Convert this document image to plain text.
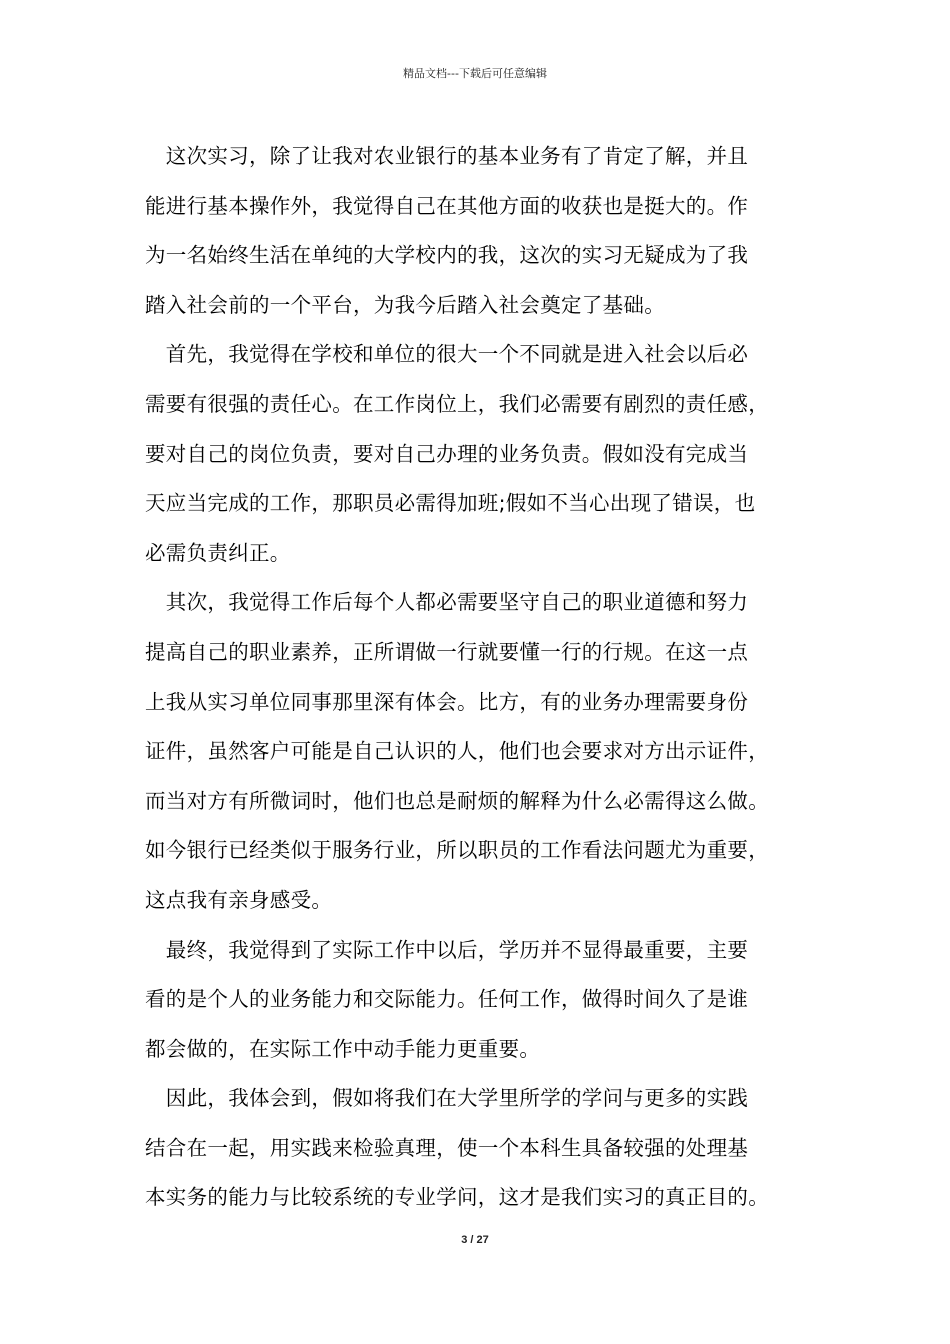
精品文档---下载后可任意编辑
　这次实习，除了让我对农业银行的基本业务有了肯定了解，并且
能进行基本操作外，我觉得自己在其他方面的收获也是挺大的。作
为一名始终生活在单纯的大学校内的我，这次的实习无疑成为了我
踏入社会前的一个平台，为我今后踏入社会奠定了基础。
　首先，我觉得在学校和单位的很大一个不同就是进入社会以后必
需要有很强的责任心。在工作岗位上，我们必需要有剧烈的责任感，
要对自己的岗位负责，要对自己办理的业务负责。假如没有完成当
天应当完成的工作，那职员必需得加班;假如不当心出现了错误，也
必需负责纠正。
　其次，我觉得工作后每个人都必需要坚守自己的职业道德和努力
提高自己的职业素养，正所谓做一行就要懂一行的行规。在这一点
上我从实习单位同事那里深有体会。比方，有的业务办理需要身份
证件，虽然客户可能是自己认识的人，他们也会要求对方出示证件，
而当对方有所微词时，他们也总是耐烦的解释为什么必需得这么做。
如今银行已经类似于服务行业，所以职员的工作看法问题尤为重要，
这点我有亲身感受。
　最终，我觉得到了实际工作中以后，学历并不显得最重要，主要
看的是个人的业务能力和交际能力。任何工作，做得时间久了是谁
都会做的，在实际工作中动手能力更重要。
　因此，我体会到，假如将我们在大学里所学的学问与更多的实践
结合在一起，用实践来检验真理，使一个本科生具备较强的处理基
本实务的能力与比较系统的专业学问，这才是我们实习的真正目的。
3 / 27
